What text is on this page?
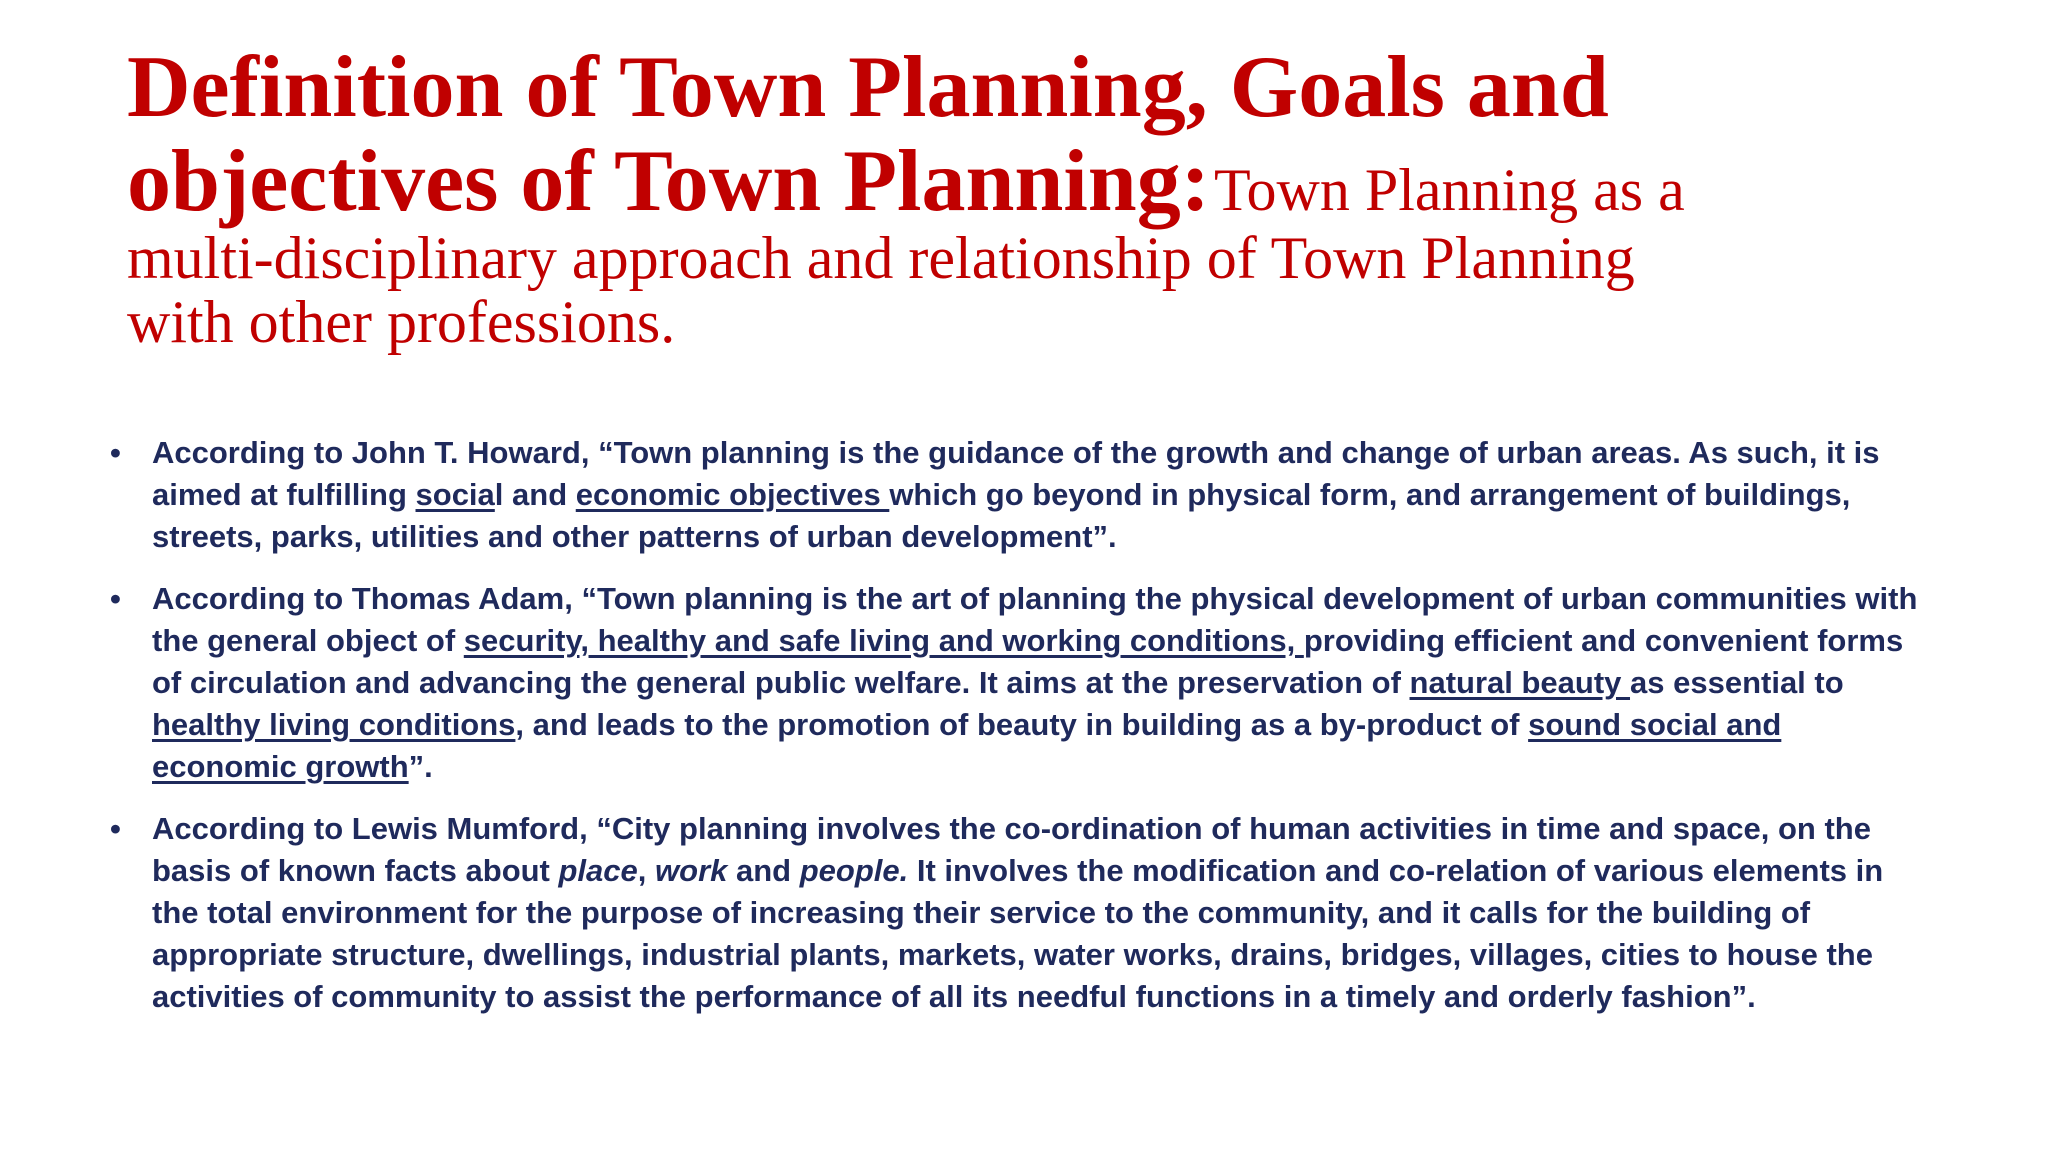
Definition of Town Planning, Goals and
objectives of Town Planning: Town Planning as a
multi-disciplinary approach and relationship of Town Planning
with other professions.
•	According to John T. Howard, “Town planning is the guidance of the growth and change of urban areas. As such, it is aimed at fulfilling social and economic objectives which go beyond in physical form, and arrangement of buildings, streets, parks, utilities and other patterns of urban development”.
•	According to Thomas Adam, “Town planning is the art of planning the physical development of urban communities with the general object of security, healthy and safe living and working conditions, providing efficient and convenient forms of circulation and advancing the general public welfare. It aims at the preservation of natural beauty as essential to healthy living conditions, and leads to the promotion of beauty in building as a by-product of sound social and economic growth”.
•	According to Lewis Mumford, “City planning involves the co-ordination of human activities in time and space, on the basis of known facts about place, work and people. It involves the modification and co-relation of various elements in the total environment for the purpose of increasing their service to the community, and it calls for the building of appropriate structure, dwellings, industrial plants, markets, water works, drains, bridges, villages, cities to house the activities of community to assist the performance of all its needful functions in a timely and orderly fashion”.
